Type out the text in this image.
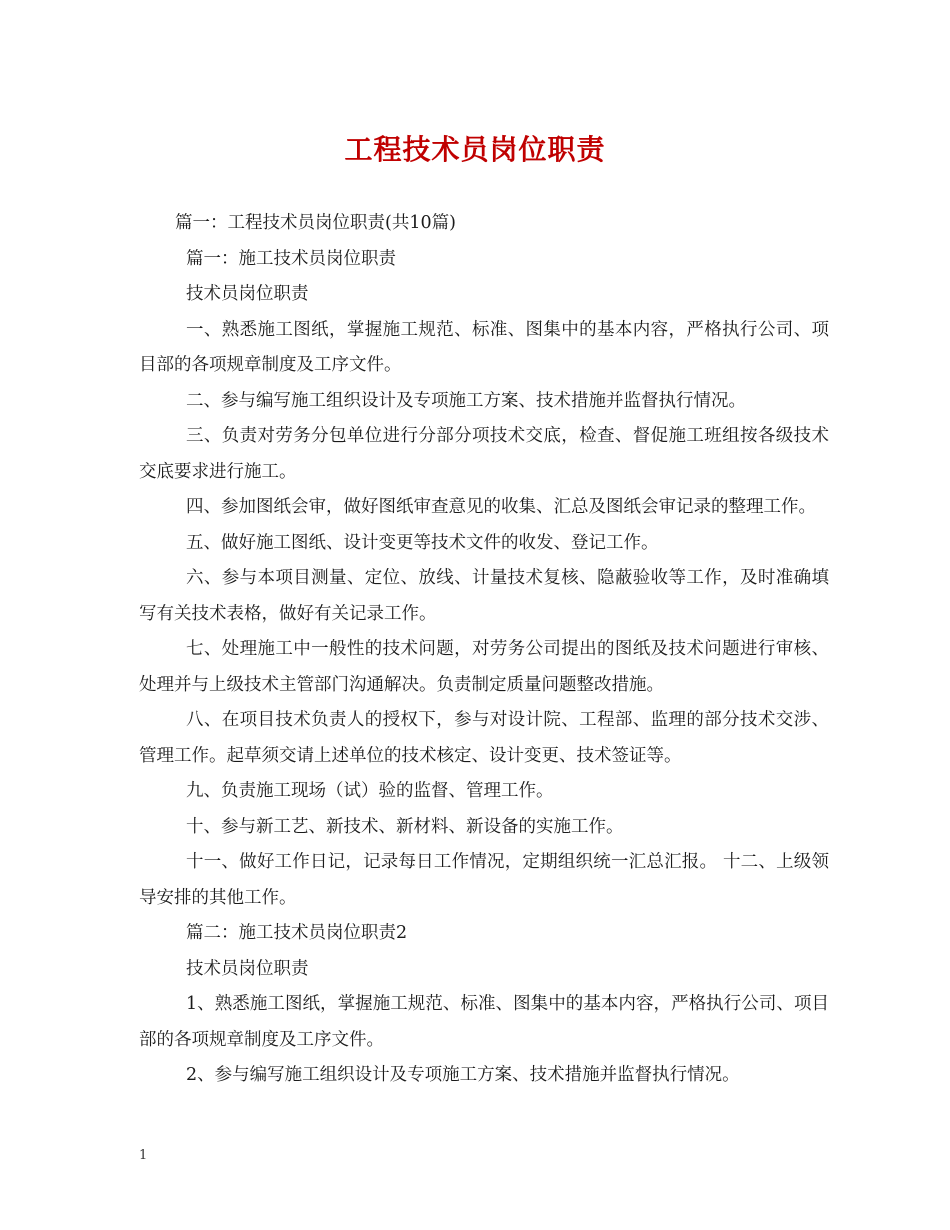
工程技术员岗位职责

篇一：工程技术员岗位职责(共10篇)

篇一：施工技术员岗位职责

技术员岗位职责

一、熟悉施工图纸，掌握施工规范、标准、图集中的基本内容，严格执行公司、项目部的各项规章制度及工序文件。

二、参与编写施工组织设计及专项施工方案、技术措施并监督执行情况。

三、负责对劳务分包单位进行分部分项技术交底，检查、督促施工班组按各级技术交底要求进行施工。

四、参加图纸会审，做好图纸审查意见的收集、汇总及图纸会审记录的整理工作。

五、做好施工图纸、设计变更等技术文件的收发、登记工作。

六、参与本项目测量、定位、放线、计量技术复核、隐蔽验收等工作，及时准确填写有关技术表格，做好有关记录工作。

七、处理施工中一般性的技术问题，对劳务公司提出的图纸及技术问题进行审核、处理并与上级技术主管部门沟通解决。负责制定质量问题整改措施。

八、在项目技术负责人的授权下，参与对设计院、工程部、监理的部分技术交涉、管理工作。起草须交请上述单位的技术核定、设计变更、技术签证等。

九、负责施工现场（试）验的监督、管理工作。

十、参与新工艺、新技术、新材料、新设备的实施工作。

十一、做好工作日记，记录每日工作情况，定期组织统一汇总汇报。 十二、上级领导安排的其他工作。

篇二：施工技术员岗位职责2

技术员岗位职责

1、熟悉施工图纸，掌握施工规范、标准、图集中的基本内容，严格执行公司、项目部的各项规章制度及工序文件。

2、参与编写施工组织设计及专项施工方案、技术措施并监督执行情况。

1
